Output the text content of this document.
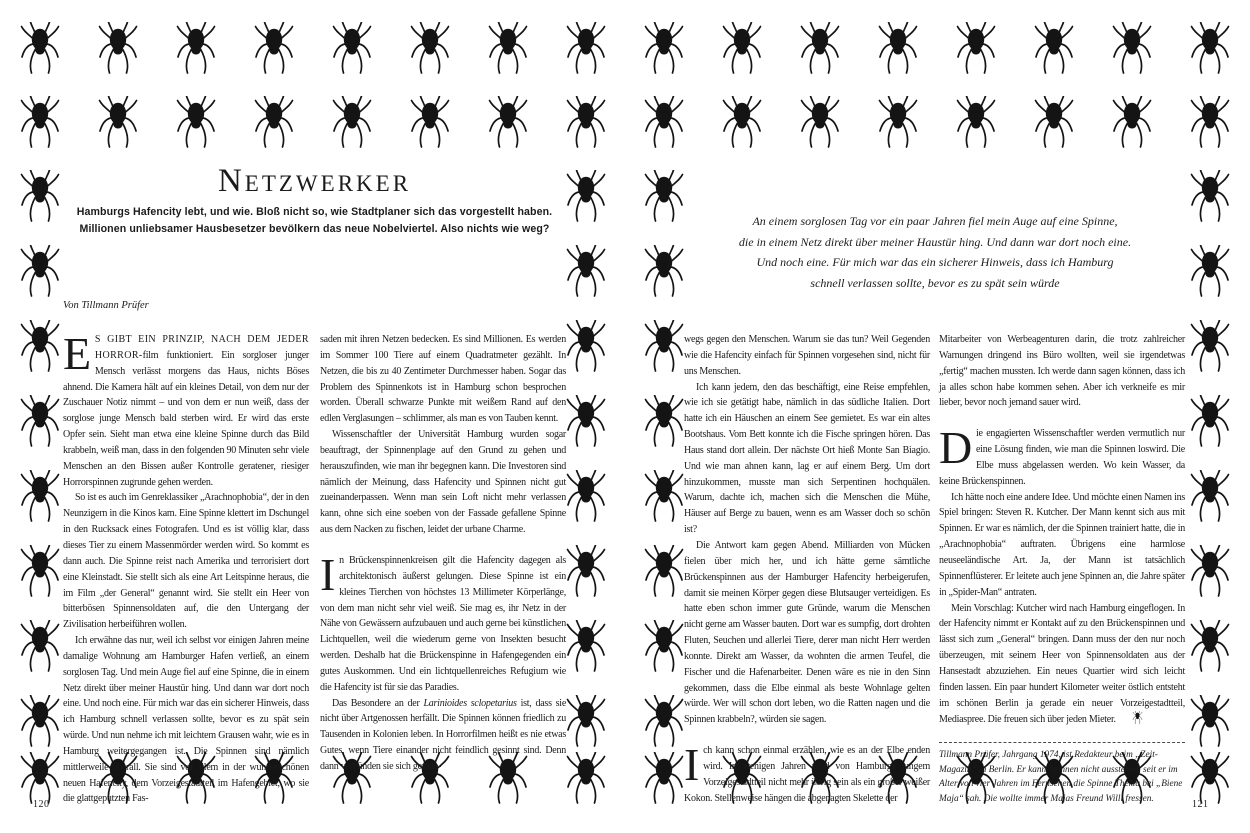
Netzwerker
Hamburgs Hafencity lebt, und wie. Bloß nicht so, wie Stadtplaner sich das vorgestellt haben.
Millionen unliebsamer Hausbesetzer bevölkern das neue Nobelviertel. Also nichts wie weg?
Von Tillmann Prüfer
An einem sorglosen Tag vor ein paar Jahren fiel mein Auge auf eine Spinne,
die in einem Netz direkt über meiner Haustür hing. Und dann war dort noch eine.
Und noch eine. Für mich war das ein sicherer Hinweis, dass ich Hamburg
schnell verlassen sollte, bevor es zu spät sein würde

E S GIBT EIN PRINZIP, NACH DEM JEDER HORROR-film funktioniert. Ein sorgloser junger Mensch verlässt morgens das Haus, nichts Böses ahnend. Die Kamera hält auf ein kleines Detail, von dem nur der Zuschauer Notiz nimmt – und von dem er nun weiß, dass der sorglose junge Mensch bald sterben wird. Er wird das erste Opfer sein. Sieht man etwa eine kleine Spinne durch das Bild krabbeln, weiß man, dass in den folgenden 90 Minuten sehr viele Menschen an den Bissen außer Kontrolle geratener, riesiger Horrorspinnen zugrunde gehen werden.

So ist es auch im Genreklassiker „Arachnophobia“, der in den Neunzigern in die Kinos kam. Eine Spinne klettert im Dschungel in den Rucksack eines Fotografen. Und es ist völlig klar, dass dieses Tier zu einem Massenmörder werden wird. So kommt es dann auch. Die Spinne reist nach Amerika und terrorisiert dort eine Kleinstadt. Sie stellt sich als eine Art Leitspinne heraus, die im Film „der General“ genannt wird. Sie stellt ein Heer von bitterbösen Spinnensoldaten auf, die den Untergang der Zivilisation herbeiführen wollen.

Ich erwähne das nur, weil ich selbst vor einigen Jahren meine damalige Wohnung am Hamburger Hafen verließ, an einem sorglosen Tag. Und mein Auge fiel auf eine Spinne, die in einem Netz direkt über meiner Haustür hing. Und dann war dort noch eine. Und noch eine. Für mich war das ein sicherer Hinweis, dass ich Hamburg schnell verlassen sollte, bevor es zu spät sein würde. Und nun nehme ich mit leichtem Grausen wahr, wie es in Hamburg weitergegangen ist. Die Spinnen sind nämlich mittlerweile überall. Sie sind vor allem in der wunderschönen neuen Hafencity, dem Vorzeigestadtteil im Hafengebiet, wo sie die glattgeputzten Fas-

saden mit ihren Netzen bedecken. Es sind Millionen. Es werden im Sommer 100 Tiere auf einem Quadratmeter gezählt. In Netzen, die bis zu 40 Zentimeter Durchmesser haben. Sogar das Problem des Spinnenkots ist in Hamburg schon besprochen worden. Überall schwarze Punkte mit weißem Rand auf den edlen Verglasungen – schlimmer, als man es von Tauben kennt.

Wissenschaftler der Universität Hamburg wurden sogar beauftragt, der Spinnenplage auf den Grund zu gehen und herauszufinden, wie man ihr begegnen kann. Die Investoren sind nämlich der Meinung, dass Hafencity und Spinnen nicht gut zueinanderpassen. Wenn man sein Loft nicht mehr verlassen kann, ohne sich eine soeben von der Fassade gefallene Spinne aus dem Nacken zu fischen, leidet der urbane Charme.

In Brückenspinnenkreisen gilt die Hafencity dagegen als architektonisch äußerst gelungen. Diese Spinne ist ein kleines Tierchen von höchstes 13 Millimeter Körperlänge, von dem man nicht sehr viel weiß. Sie mag es, ihr Netz in der Nähe von Gewässern aufzubauen und auch gerne bei künstlichen Lichtquellen, weil die wiederum gerne von Insekten besucht werden. Deshalb hat die Brückenspinne in Hafengegenden ein gutes Auskommen. Und ein lichtquellenreiches Refugium wie die Hafencity ist für sie das Paradies.

Das Besondere an der Larinioides sclopetarius ist, dass sie nicht über Artgenossen herfällt. Die Spinnen können friedlich zu Tausenden in Kolonien leben. In Horrorfilmen heißt es nie etwas Gutes, wenn Tiere einander nicht feindlich gesinnt sind. Denn dann verbünden sie sich gerade-

wegs gegen den Menschen. Warum sie das tun? Weil Gegenden wie die Hafencity einfach für Spinnen vorgesehen sind, nicht für uns Menschen.

Ich kann jedem, den das beschäftigt, eine Reise empfehlen, wie ich sie getätigt habe, nämlich in das südliche Italien. Dort hatte ich ein Häuschen an einem See gemietet. Es war ein altes Bootshaus. Vom Bett konnte ich die Fische springen hören. Das Haus stand dort allein. Der nächste Ort hieß Monte San Biagio. Und wie man ahnen kann, lag er auf einem Berg. Um dort hinzukommen, musste man sich Serpentinen hochquälen. Warum, dachte ich, machen sich die Menschen die Mühe, Häuser auf Berge zu bauen, wenn es am Wasser doch so schön ist?

Die Antwort kam gegen Abend. Milliarden von Mücken fielen über mich her, und ich hätte gerne sämtliche Brückenspinnen aus der Hamburger Hafencity herbeigerufen, damit sie meinen Körper gegen diese Blutsauger verteidigen. Es hatte eben schon immer gute Gründe, warum die Menschen nicht gerne am Wasser bauten. Dort war es sumpfig, dort drohten Fluten, Seuchen und allerlei Tiere, derer man nicht Herr werden konnte. Direkt am Wasser, da wohnten die armen Teufel, die Fischer und die Hafenarbeiter. Denen wäre es nie in den Sinn gekommen, dass die Elbe einmal als beste Wohnlage gelten würde. Wer will schon dort leben, wo die Ratten nagen und die Spinnen krabbeln?, würden sie sagen.

Ich kann schon einmal erzählen, wie es an der Elbe enden wird. In wenigen Jahren wird von Hamburgs jungem Vorzeigestadtteil nicht mehr übrig sein als ein großer weißer Kokon. Stellenweise hängen die abgenagten Skelette der

Mitarbeiter von Werbeagenturen darin, die trotz zahlreicher Warnungen dringend ins Büro wollten, weil sie irgendetwas „fertig“ machen mussten. Ich werde dann sagen können, dass ich ja alles schon habe kommen sehen. Aber ich verkneife es mir lieber, bevor noch jemand sauer wird.

Die engagierten Wissenschaftler werden vermutlich nur eine Lösung finden, wie man die Spinnen loswird. Die Elbe muss abgelassen werden. Wo kein Wasser, da keine Brückenspinnen.

Ich hätte noch eine andere Idee. Und möchte einen Namen ins Spiel bringen: Steven R. Kutcher. Der Mann kennt sich aus mit Spinnen. Er war es nämlich, der die Spinnen trainiert hatte, die in „Arachnophobia“ auftraten. Übrigens eine harmlose neuseeländische Art. Ja, der Mann ist tatsächlich Spinnenflüsterer. Er leitete auch jene Spinnen an, die Jahre später in „Spider-Man“ antraten.

Mein Vorschlag: Kutcher wird nach Hamburg eingeflogen. In der Hafencity nimmt er Kontakt auf zu den Brückenspinnen und lässt sich zum „General“ bringen. Dann muss der den nur noch überzeugen, mit seinem Heer von Spinnensoldaten aus der Hansestadt abzuziehen. Ein neues Quartier wird sich leicht finden lassen. Ein paar hundert Kilometer weiter östlich entsteht im schönen Berlin ja gerade ein neuer Vorzeigestadtteil, Mediaspree. Die freuen sich über jeden Mieter.

Tillmann Prüfer, Jahrgang 1974, ist Redakteur beim „Zeit-Magazin“ in Berlin. Er kann Spinnen nicht ausstehen, seit er im Alter von vier Jahren im Fernsehen die Spinne Thekla bei „Biene Maja“ sah. Die wollte immer Majas Freund Willi fressen.

120	121
